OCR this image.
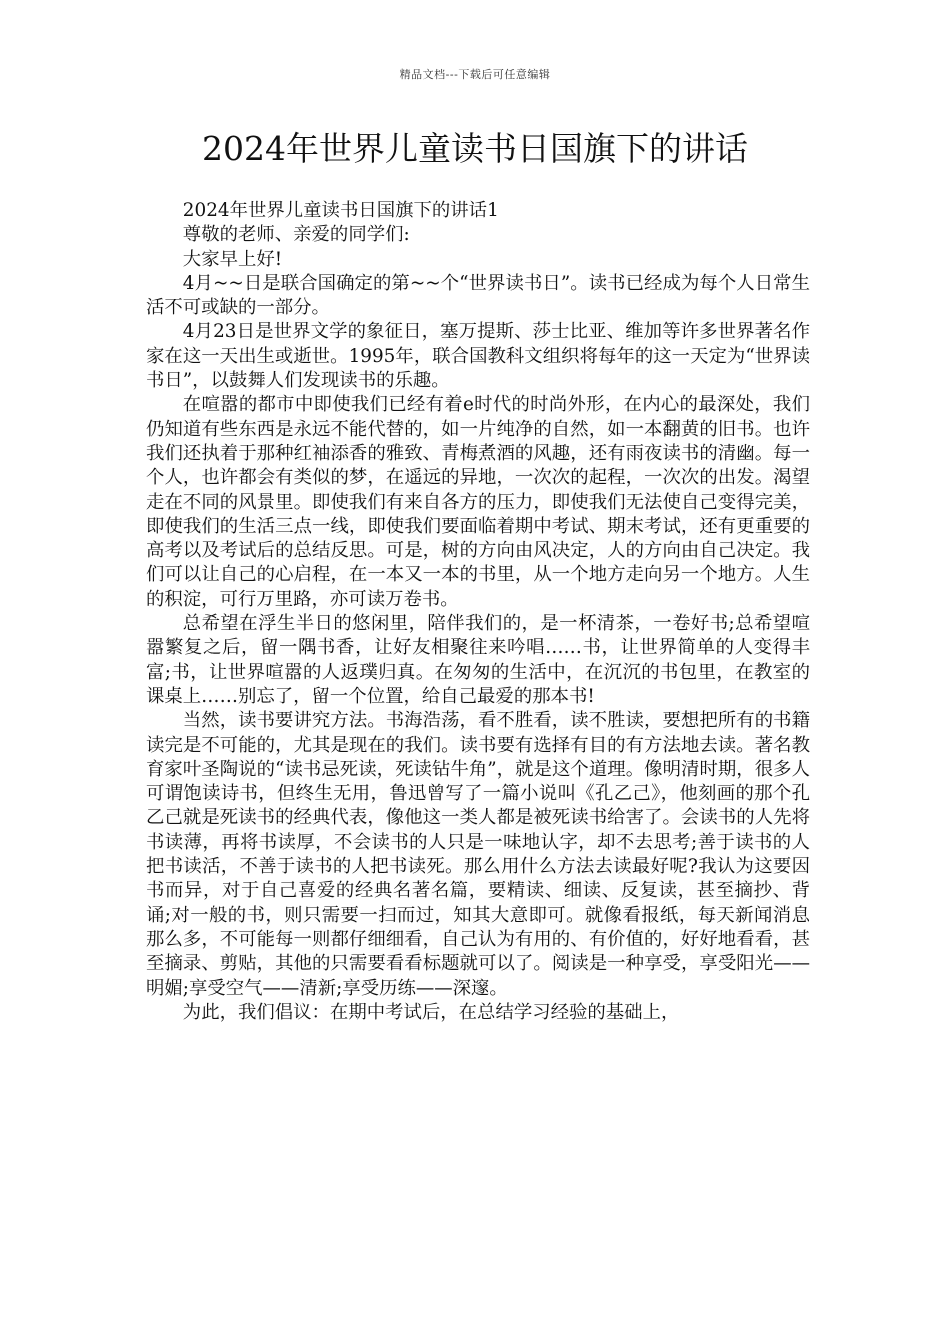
精品文档---下载后可任意编辑
2024年世界儿童读书日国旗下的讲话

2024年世界儿童读书日国旗下的讲话1

尊敬的老师、亲爱的同学们:

大家早上好!

4月~~日是联合国确定的第~~个“世界读书日”。读书已经成为每个人日常生活不可或缺的一部分。

4月23日是世界文学的象征日，塞万提斯、莎士比亚、维加等许多世界著名作家在这一天出生或逝世。1995年，联合国教科文组织将每年的这一天定为“世界读书日”，以鼓舞人们发现读书的乐趣。

在喧嚣的都市中即使我们已经有着e时代的时尚外形，在内心的最深处，我们仍知道有些东西是永远不能代替的，如一片纯净的自然，如一本翻黄的旧书。也许我们还执着于那种红袖添香的雅致、青梅煮酒的风趣，还有雨夜读书的清幽。每一个人，也许都会有类似的梦，在遥远的异地，一次次的起程，一次次的出发。渴望走在不同的风景里。即使我们有来自各方的压力，即使我们无法使自己变得完美，即使我们的生活三点一线，即使我们要面临着期中考试、期末考试，还有更重要的高考以及考试后的总结反思。可是，树的方向由风决定，人的方向由自己决定。我们可以让自己的心启程，在一本又一本的书里，从一个地方走向另一个地方。人生的积淀，可行万里路，亦可读万卷书。

总希望在浮生半日的悠闲里，陪伴我们的，是一杯清茶，一卷好书;总希望喧嚣繁复之后，留一隅书香，让好友相聚往来吟唱……书，让世界简单的人变得丰富;书，让世界喧嚣的人返璞归真。在匆匆的生活中，在沉沉的书包里，在教室的课桌上……别忘了，留一个位置，给自己最爱的那本书!

当然，读书要讲究方法。书海浩荡，看不胜看，读不胜读，要想把所有的书籍读完是不可能的，尤其是现在的我们。读书要有选择有目的有方法地去读。著名教育家叶圣陶说的“读书忌死读，死读钻牛角”，就是这个道理。像明清时期，很多人可谓饱读诗书，但终生无用，鲁迅曾写了一篇小说叫《孔乙己》，他刻画的那个孔乙己就是死读书的经典代表，像他这一类人都是被死读书给害了。会读书的人先将书读薄，再将书读厚，不会读书的人只是一味地认字，却不去思考;善于读书的人把书读活，不善于读书的人把书读死。那么用什么方法去读最好呢?我认为这要因书而异，对于自己喜爱的经典名著名篇，要精读、细读、反复读，甚至摘抄、背诵;对一般的书，则只需要一扫而过，知其大意即可。就像看报纸，每天新闻消息那么多，不可能每一则都仔细细看，自己认为有用的、有价值的，好好地看看，甚至摘录、剪贴，其他的只需要看看标题就可以了。阅读是一种享受，享受阳光——明媚;享受空气——清新;享受历练——深邃。

为此，我们倡议：在期中考试后，在总结学习经验的基础上，
